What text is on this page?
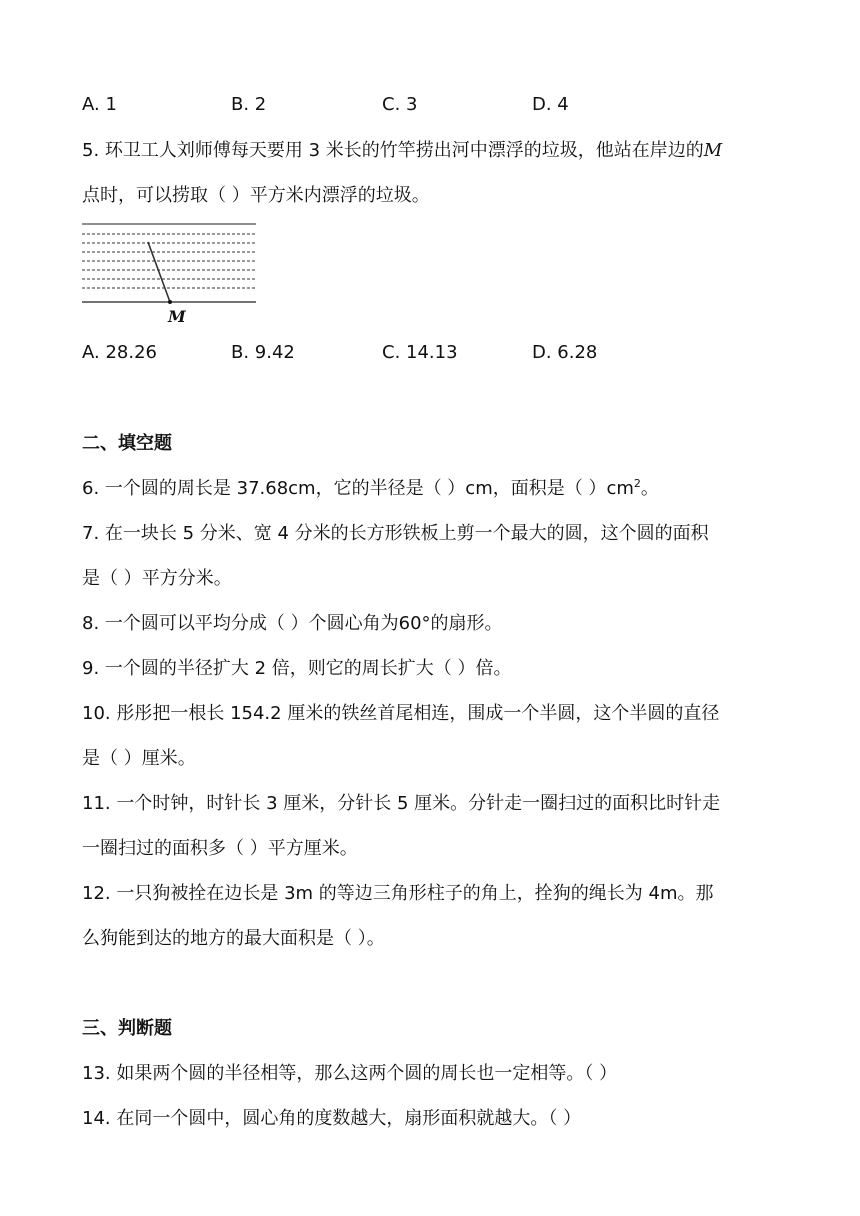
A. 1	B. 2	C. 3	D. 4
5. 环卫工人刘师傅每天要用 3 米长的竹竿捞出河中漂浮的垃圾，他站在岸边的M
点时，可以捞取（ ）平方米内漂浮的垃圾。
M
A. 28.26	B. 9.42	C. 14.13	D. 6.28
二、填空题
6. 一个圆的周长是 37.68cm，它的半径是（ ）cm，面积是（ ）$cm^2$。
7. 在一块长 5 分米、宽 4 分米的长方形铁板上剪一个最大的圆，这个圆的面积
是（ ）平方分米。
8. 一个圆可以平均分成（ ）个圆心角为60°的扇形。
9. 一个圆的半径扩大 2 倍，则它的周长扩大（ ）倍。
10. 彤彤把一根长 154.2 厘米的铁丝首尾相连，围成一个半圆，这个半圆的直径
是（ ）厘米。
11. 一个时钟，时针长 3 厘米，分针长 5 厘米。分针走一圈扫过的面积比时针走
一圈扫过的面积多（ ）平方厘米。
12. 一只狗被拴在边长是 3m 的等边三角形柱子的角上，拴狗的绳长为 4m。那
么狗能到达的地方的最大面积是（ ）。
三、判断题
13. 如果两个圆的半径相等，那么这两个圆的周长也一定相等。（ ）
14. 在同一个圆中，圆心角的度数越大，扇形面积就越大。（ ）
